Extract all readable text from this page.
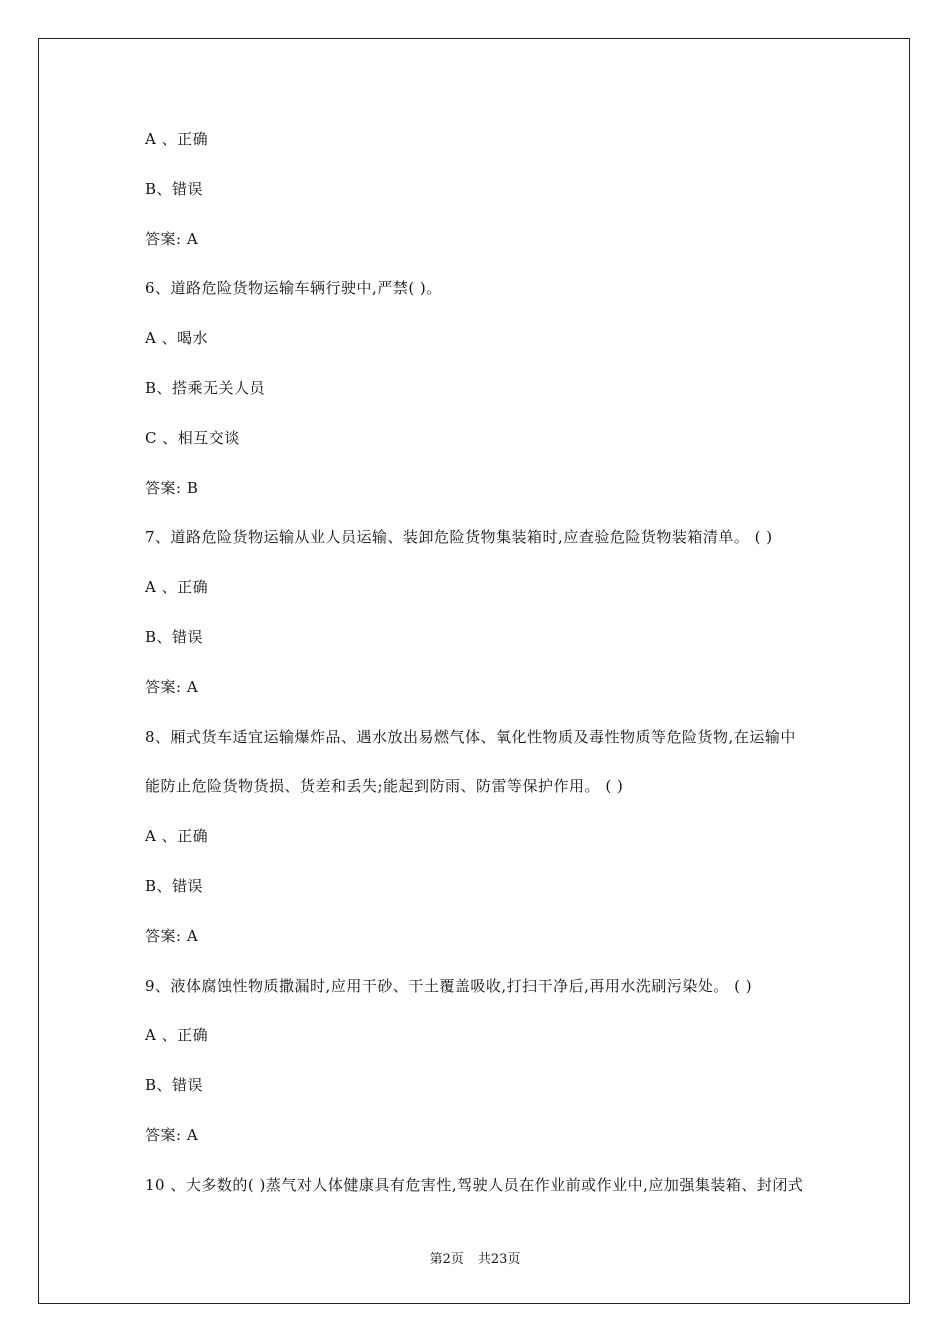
A 、正确
B、错误
答案: A
6、道路危险货物运输车辆行驶中,严禁( )。
A 、喝水
B、搭乘无关人员
C 、相互交谈
答案: B
7、道路危险货物运输从业人员运输、装卸危险货物集装箱时,应查验危险货物装箱清单。 ( )
A 、正确
B、错误
答案: A
8、厢式货车适宜运输爆炸品、遇水放出易燃气体、氧化性物质及毒性物质等危险货物,在运输中
能防止危险货物货损、货差和丢失;能起到防雨、防雷等保护作用。 ( )
A 、正确
B、错误
答案: A
9、液体腐蚀性物质撒漏时,应用干砂、干土覆盖吸收,打扫干净后,再用水洗刷污染处。 ( )
A 、正确
B、错误
答案: A
10 、大多数的( )蒸气对人体健康具有危害性,驾驶人员在作业前或作业中,应加强集装箱、封闭式
第2页 共23页
